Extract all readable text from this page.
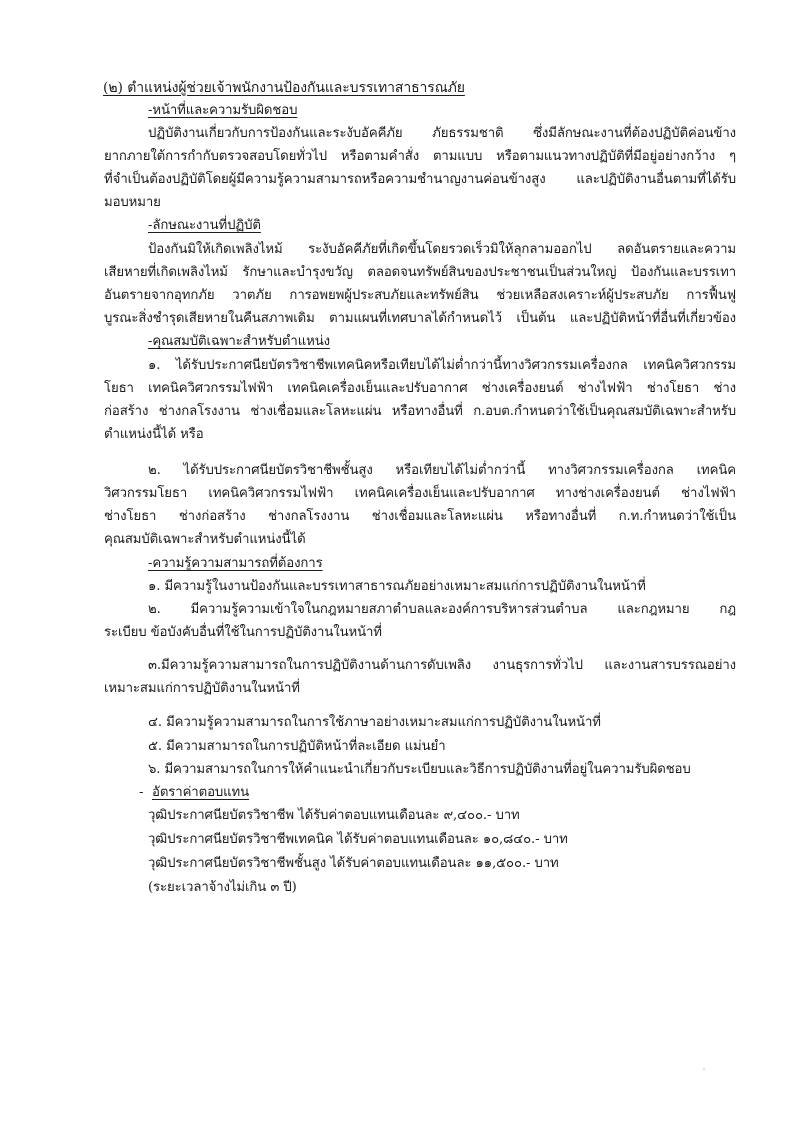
(๒) ตำแหน่งผู้ช่วยเจ้าพนักงานป้องกันและบรรเทาสาธารณภัย
-หน้าที่และความรับผิดชอบ
ปฏิบัติงานเกี่ยวกับการป้องกันและระงับอัคคีภัย ภัยธรรมชาติ ซึ่งมีลักษณะงานที่ต้องปฏิบัติค่อนข้าง
ยากภายใต้การกำกับตรวจสอบโดยทั่วไป หรือตามคำสั่ง ตามแบบ หรือตามแนวทางปฏิบัติที่มีอยู่อย่างกว้าง ๆ
ที่จำเป็นต้องปฏิบัติโดยผู้มีความรู้ความสามารถหรือความชำนาญงานค่อนข้างสูง และปฏิบัติงานอื่นตามที่ได้รับ
มอบหมาย
-ลักษณะงานที่ปฏิบัติ
ป้องกันมิให้เกิดเพลิงไหม้ ระงับอัคคีภัยที่เกิดขึ้นโดยรวดเร็วมิให้ลุกลามออกไป ลดอันตรายและความ
เสียหายที่เกิดเพลิงไหม้ รักษาและบำรุงขวัญ ตลอดจนทรัพย์สินของประชาชนเป็นส่วนใหญ่ ป้องกันและบรรเทา
อันตรายจากอุทกภัย วาตภัย การอพยพผู้ประสบภัยและทรัพย์สิน ช่วยเหลือสงเคราะห์ผู้ประสบภัย การฟื้นฟู
บูรณะสิ่งชำรุดเสียหายในคืนสภาพเดิม ตามแผนที่เทศบาลได้กำหนดไว้ เป็นต้น และปฏิบัติหน้าที่อื่นที่เกี่ยวข้อง
-คุณสมบัติเฉพาะสำหรับตำแหน่ง
๑. ได้รับประกาศนียบัตรวิชาชีพเทคนิคหรือเทียบได้ไม่ต่ำกว่านี้ทางวิศวกรรมเครื่องกล เทคนิควิศวกรรม
โยธา เทคนิควิศวกรรมไฟฟ้า เทคนิคเครื่องเย็นและปรับอากาศ ช่างเครื่องยนต์ ช่างไฟฟ้า ช่างโยธา ช่าง
ก่อสร้าง ช่างกลโรงงาน ช่างเชื่อมและโลหะแผ่น หรือทางอื่นที่ ก.อบต.กำหนดว่าใช้เป็นคุณสมบัติเฉพาะสำหรับ
ตำแหน่งนี้ได้ หรือ
๒. ได้รับประกาศนียบัตรวิชาชีพชั้นสูง หรือเทียบได้ไม่ต่ำกว่านี้ ทางวิศวกรรมเครื่องกล เทคนิค
วิศวกรรมโยธา เทคนิควิศวกรรมไฟฟ้า เทคนิคเครื่องเย็นและปรับอากาศ ทางช่างเครื่องยนต์ ช่างไฟฟ้า
ช่างโยธา ช่างก่อสร้าง ช่างกลโรงงาน ช่างเชื่อมและโลหะแผ่น หรือทางอื่นที่ ก.ท.กำหนดว่าใช้เป็น
คุณสมบัติเฉพาะสำหรับตำแหน่งนี้ได้
-ความรู้ความสามารถที่ต้องการ
๑. มีความรู้ในงานป้องกันและบรรเทาสาธารณภัยอย่างเหมาะสมแก่การปฏิบัติงานในหน้าที่
๒. มีความรู้ความเข้าใจในกฎหมายสภาตำบลและองค์การบริหารส่วนตำบล และกฎหมาย กฎ
ระเบียบ ข้อบังคับอื่นที่ใช้ในการปฏิบัติงานในหน้าที่
๓.มีความรู้ความสามารถในการปฏิบัติงานด้านการดับเพลิง งานธุรการทั่วไป และงานสารบรรณอย่าง
เหมาะสมแก่การปฏิบัติงานในหน้าที่
๔. มีความรู้ความสามารถในการใช้ภาษาอย่างเหมาะสมแก่การปฏิบัติงานในหน้าที่
๕. มีความสามารถในการปฏิบัติหน้าที่ละเอียด แม่นยำ
๖. มีความสามารถในการให้คำแนะนำเกี่ยวกับระเบียบและวิธีการปฏิบัติงานที่อยู่ในความรับผิดชอบ
- อัตราค่าตอบแทน
วุฒิประกาศนียบัตรวิชาชีพ ได้รับค่าตอบแทนเดือนละ ๙,๔๐๐.- บาท
วุฒิประกาศนียบัตรวิชาชีพเทคนิค ได้รับค่าตอบแทนเดือนละ ๑๐,๘๔๐.- บาท
วุฒิประกาศนียบัตรวิชาชีพชั้นสูง ได้รับค่าตอบแทนเดือนละ ๑๑,๕๐๐.- บาท
(ระยะเวลาจ้างไม่เกิน ๓ ปี)
